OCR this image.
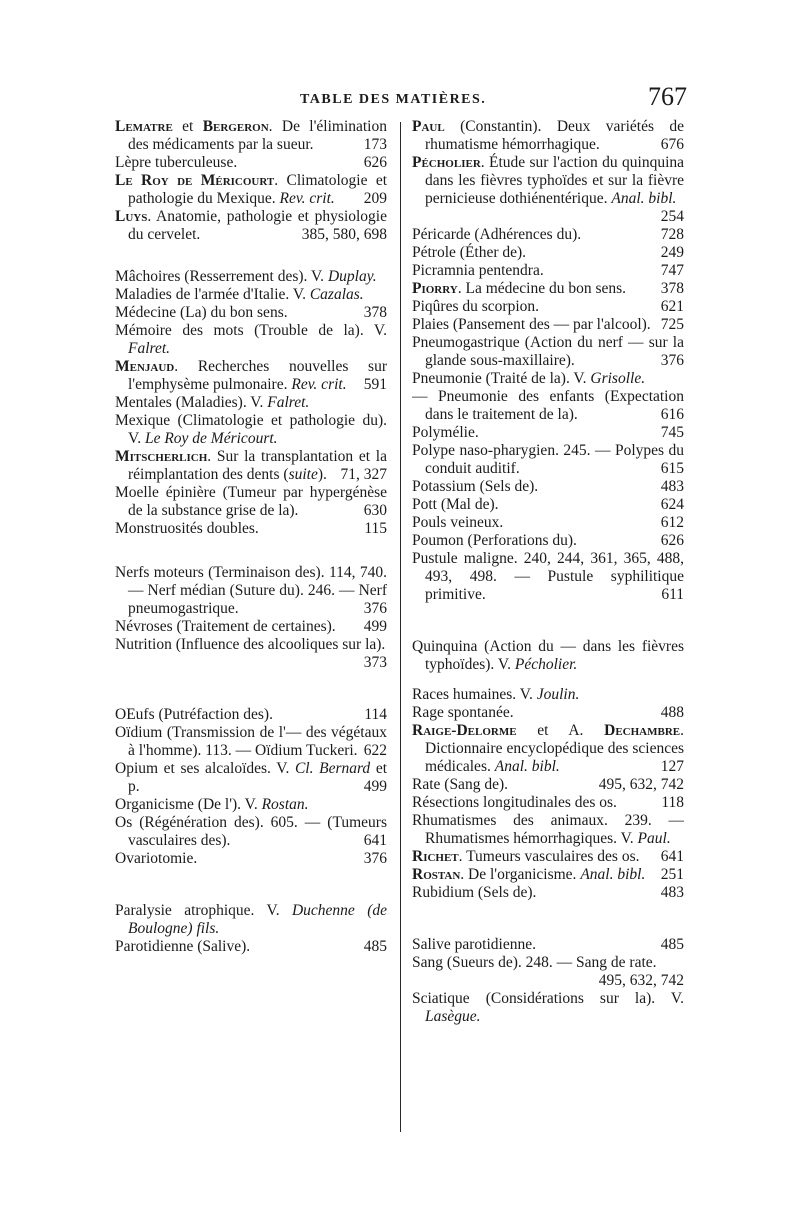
TABLE DES MATIÈRES.	767

Lematre et Bergeron. De l'élimination des médicaments par la sueur.	173

Lèpre tuberculeuse.	626

Le Roy de Méricourt. Climatologie et pathologie du Mexique. Rev. crit. 209

Luys. Anatomie, pathologie et physiologie du cervelet.	385, 580, 698

Mâchoires (Resserrement des). V. Duplay.

Maladies de l'armée d'Italie. V. Cazalas.

Médecine (La) du bon sens.	378

Mémoire des mots (Trouble de la). V. Falret.

Menjaud. Recherches nouvelles sur l'emphysème pulmonaire. Rev. crit. 591

Mentales (Maladies). V. Falret.

Mexique (Climatologie et pathologie du). V. Le Roy de Méricourt.

Mitscherlich. Sur la transplantation et la réimplantation des dents (suite). 71, 327

Moelle épinière (Tumeur par hypergénèse de la substance grise de la).	630

Monstruosités doubles.	115

Nerfs moteurs (Terminaison des). 114, 740.— Nerf médian (Suture du). 246. — Nerf pneumogastrique.	376

Névroses (Traitement de certaines). 499

Nutrition (Influence des alcooliques sur la).
373

OEufs (Putréfaction des).	114

Oïdium (Transmission de l'— des végétaux à l'homme). 113. — Oïdium Tuckeri. 622

Opium et ses alcaloïdes. V. Cl. Bernard et p.	499

Organicisme (De l'). V. Rostan.

Os (Régénération des). 605. — (Tumeurs vasculaires des).	641

Ovariotomie.	376

Paralysie atrophique. V. Duchenne (de Boulogne) fils.

Parotidienne (Salive).	485

Paul (Constantin). Deux variétés de rhumatisme hémorrhagique.	676

Pécholier. Étude sur l'action du quinquina dans les fièvres typhoïdes et sur la fièvre pernicieuse dothiénentérique. Anal. bibl.
254

Péricarde (Adhérences du).	728

Pétrole (Éther de).	249

Picramnia pentendra.	747

Piorry. La médecine du bon sens. 378

Piqûres du scorpion.	621

Plaies (Pansement des — par l'alcool). 725

Pneumogastrique (Action du nerf — sur la glande sous-maxillaire).	376

Pneumonie (Traité de la). V. Grisolle.

— Pneumonie des enfants (Expectation dans le traitement de la).	616

Polymélie.	745

Polype naso-pharygien. 245. — Polypes du conduit auditif.	615

Potassium (Sels de).	483

Pott (Mal de).	624

Pouls veineux.	612

Poumon (Perforations du).	626

Pustule maligne. 240, 244, 361, 365, 488, 493, 498. — Pustule syphilitique primitive.	611

Quinquina (Action du — dans les fièvres typhoïdes). V. Pécholier.

Races humaines. V. Joulin.

Rage spontanée.	488

Raige-Delorme et A. Dechambre. Dictionnaire encyclopédique des sciences médicales. Anal. bibl.	127

Rate (Sang de).	495, 632, 742

Résections longitudinales des os.	118

Rhumatismes des animaux. 239. — Rhumatismes hémorrhagiques. V. Paul.

Richet. Tumeurs vasculaires des os. 641

Rostan. De l'organicisme. Anal. bibl. 251

Rubidium (Sels de).	483

Salive parotidienne.	485

Sang (Sueurs de). 248. — Sang de rate.
495, 632, 742

Sciatique (Considérations sur la). V. Lasègue.
